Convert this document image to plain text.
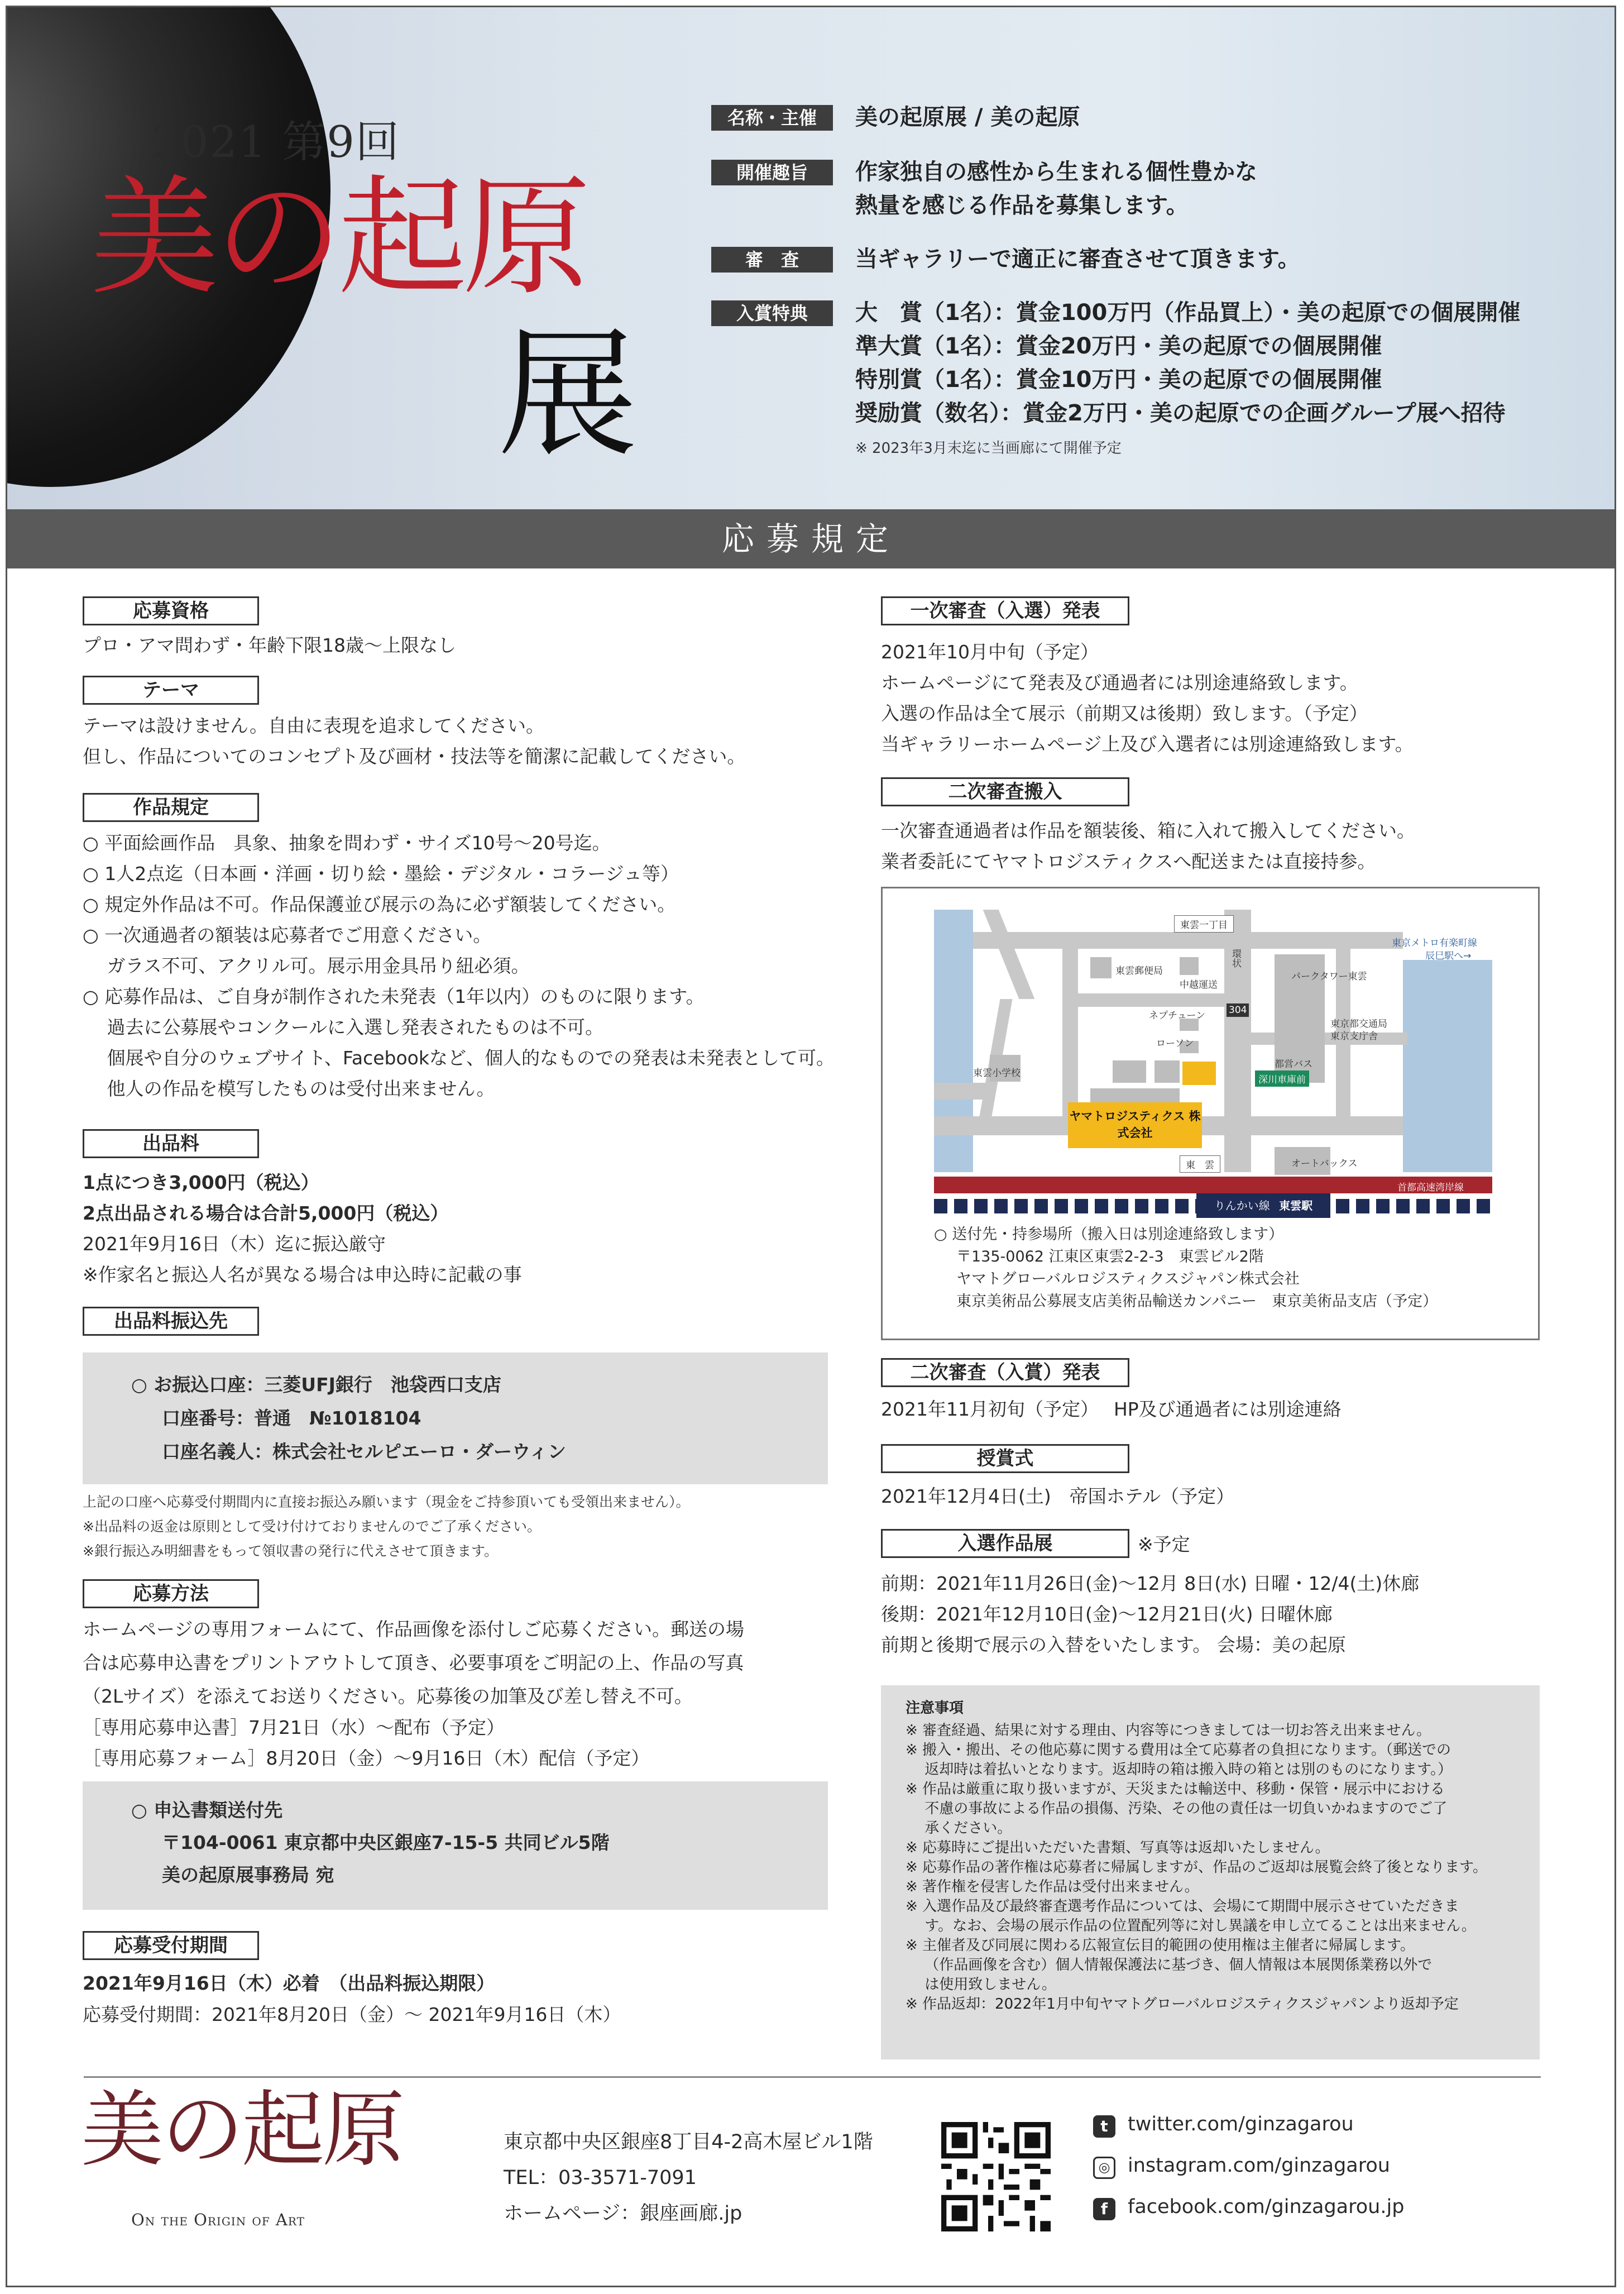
2021 第9回
美の起原
展
名称・主催	美の起原展 / 美の起原
開催趣旨	作家独自の感性から生まれる個性豊かな
熱量を感じる作品を募集します。
審　査	当ギャラリーで適正に審査させて頂きます。
入賞特典	大　賞（1名）：賞金100万円（作品買上）・美の起原での個展開催
準大賞（1名）：賞金20万円・美の起原での個展開催
特別賞（1名）：賞金10万円・美の起原での個展開催
奨励賞（数名）：賞金2万円・美の起原での企画グループ展へ招待
※ 2023年3月末迄に当画廊にて開催予定
応募規定
応募資格
プロ・アマ問わず・年齢下限18歳〜上限なし
テーマ
テーマは設けません。自由に表現を追求してください。
但し、作品についてのコンセプト及び画材・技法等を簡潔に記載してください。
作品規定
○ 平面絵画作品　具象、抽象を問わず・サイズ10号〜20号迄。
○ 1人2点迄（日本画・洋画・切り絵・墨絵・デジタル・コラージュ等）
○ 規定外作品は不可。作品保護並び展示の為に必ず額装してください。
○ 一次通過者の額装は応募者でご用意ください。
　 ガラス不可、アクリル可。展示用金具吊り紐必須。
○ 応募作品は、ご自身が制作された未発表（1年以内）のものに限ります。
　 過去に公募展やコンクールに入選し発表されたものは不可。
　 個展や自分のウェブサイト、Facebookなど、個人的なものでの発表は未発表として可。
　 他人の作品を模写したものは受付出来ません。
出品料
1点につき3,000円（税込）
2点出品される場合は合計5,000円（税込）
2021年9月16日（木）迄に振込厳守
※作家名と振込人名が異なる場合は申込時に記載の事
出品料振込先
○ お振込口座：三菱UFJ銀行　池袋西口支店
口座番号：普通　№1018104
口座名義人：株式会社セルピエーロ・ダーウィン
上記の口座へ応募受付期間内に直接お振込み願います（現金をご持参頂いても受領出来ません）。
※出品料の返金は原則として受け付けておりませんのでご了承ください。
※銀行振込み明細書をもって領収書の発行に代えさせて頂きます。
応募方法
ホームページの専用フォームにて、作品画像を添付しご応募ください。郵送の場
合は応募申込書をプリントアウトして頂き、必要事項をご明記の上、作品の写真
（2Lサイズ）を添えてお送りください。応募後の加筆及び差し替え不可。
［専用応募申込書］7月21日（水）〜配布（予定）
［専用応募フォーム］8月20日（金）〜9月16日（木）配信（予定）
○ 申込書類送付先
〒104-0061 東京都中央区銀座7-15-5 共同ビル5階
美の起原展事務局 宛
応募受付期間
2021年9月16日（木）必着　（出品料振込期限）
応募受付期間：2021年8月20日（金）〜 2021年9月16日（木）
一次審査（入選）発表
2021年10月中旬（予定）
ホームページにて発表及び通過者には別途連絡致します。
入選の作品は全て展示（前期又は後期）致します。（予定）
当ギャラリーホームページ上及び入選者には別途連絡致します。
二次審査搬入
一次審査通過者は作品を額装後、箱に入れて搬入してください。
業者委託にてヤマトロジスティクスへ配送または直接持参。
ヤマトロジスティクス 株式会社
東雲一丁目
東雲郵便局
中越運送
パークタワー東雲
東京メトロ有楽町線
辰巳駅へ→
環状
304
東京都交通局
東京支庁舎
ネプチューン
ローソン
都営バス
深川車庫前
東雲小学校
オートバックス
東　雲
首都高速湾岸線
りんかい線 東雲駅
○ 送付先・持参場所（搬入日は別途連絡致します）
〒135-0062 江東区東雲2-2-3　東雲ビル2階
ヤマトグローバルロジスティクスジャパン株式会社
東京美術品公募展支店美術品輸送カンパニー　東京美術品支店（予定）
二次審査（入賞）発表
2021年11月初旬（予定）　 HP及び通過者には別途連絡
授賞式
2021年12月4日(土)　帝国ホテル（予定）
入選作品展	※予定
前期：2021年11月26日(金)〜12月 8日(水) 日曜・12/4(土)休廊
後期：2021年12月10日(金)〜12月21日(火) 日曜休廊
前期と後期で展示の入替をいたします。 会場：美の起原
注意事項
※ 審査経過、結果に対する理由、内容等につきましては一切お答え出来ません。
※ 搬入・搬出、その他応募に関する費用は全て応募者の負担になります。（郵送での
　 返却時は着払いとなります。返却時の箱は搬入時の箱とは別のものになります。）
※ 作品は厳重に取り扱いますが、天災または輸送中、移動・保管・展示中における
　 不慮の事故による作品の損傷、汚染、その他の責任は一切負いかねますのでご了
　 承ください。
※ 応募時にご提出いただいた書類、写真等は返却いたしません。
※ 応募作品の著作権は応募者に帰属しますが、作品のご返却は展覧会終了後となります。
※ 著作権を侵害した作品は受付出来ません。
※ 入選作品及び最終審査選考作品については、会場にて期間中展示させていただきま
　 す。なお、会場の展示作品の位置配列等に対し異議を申し立てることは出来ません。
※ 主催者及び同展に関わる広報宣伝目的範囲の使用権は主催者に帰属します。
　 （作品画像を含む）個人情報保護法に基づき、個人情報は本展関係業務以外で
　 は使用致しません。
※ 作品返却：2022年1月中旬ヤマトグローバルロジスティクスジャパンより返却予定
美の起原
On the Origin of Art
東京都中央区銀座8丁目4-2高木屋ビル1階
TEL：03-3571-7091
ホームページ：銀座画廊.jp
t	twitter.com/ginzagarou
◎ instagram.com/ginzagarou
f	facebook.com/ginzagarou.jp
